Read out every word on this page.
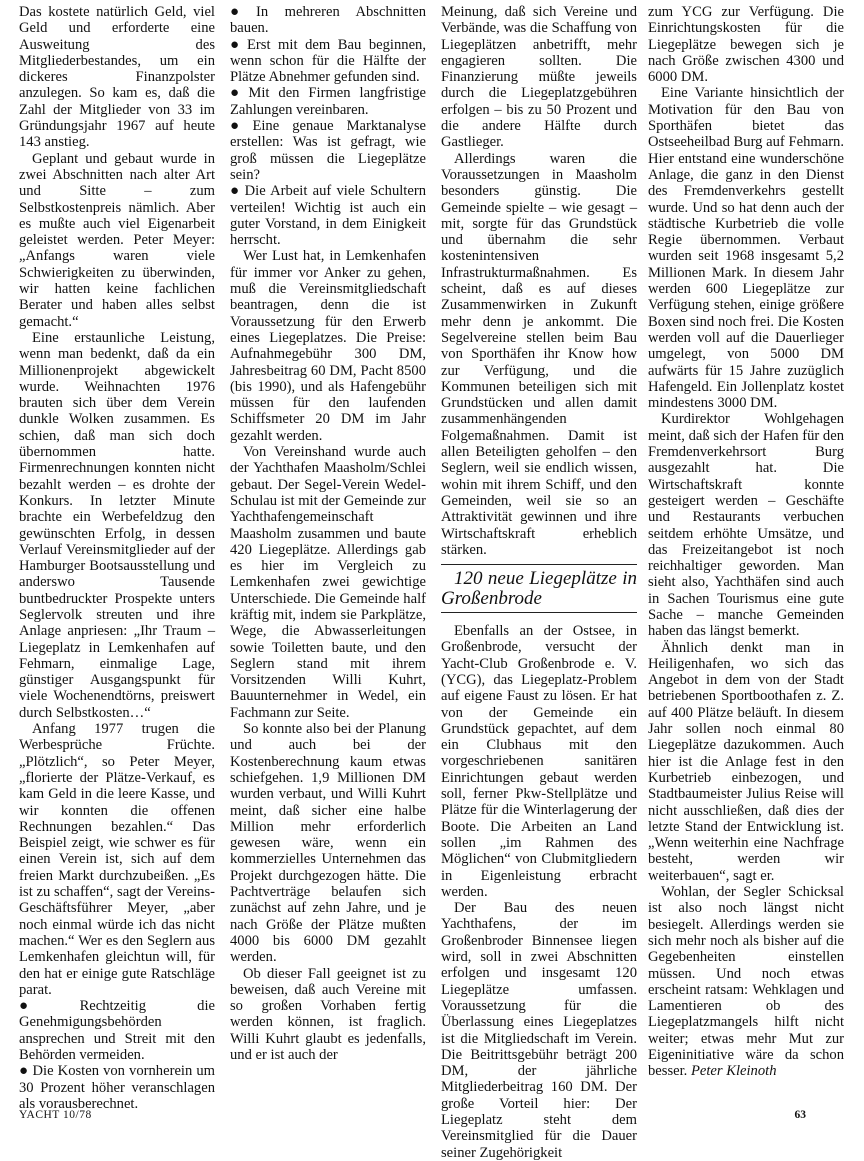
Das kostete natürlich Geld, viel Geld und erforderte eine Ausweitung des Mitgliederbestandes, um ein dickeres Finanzpolster anzulegen. So kam es, daß die Zahl der Mitglieder von 33 im Gründungsjahr 1967 auf heute 143 anstieg.

Geplant und gebaut wurde in zwei Abschnitten nach alter Art und Sitte – zum Selbstkostenpreis nämlich. Aber es mußte auch viel Eigenarbeit geleistet werden. Peter Meyer: „Anfangs waren viele Schwierigkeiten zu überwinden, wir hatten keine fachlichen Berater und haben alles selbst gemacht.“

Eine erstaunliche Leistung, wenn man bedenkt, daß da ein Millionenprojekt abgewickelt wurde. Weihnachten 1976 brauten sich über dem Verein dunkle Wolken zusammen. Es schien, daß man sich doch übernommen hatte. Firmenrechnungen konnten nicht bezahlt werden – es drohte der Konkurs. In letzter Minute brachte ein Werbefeldzug den gewünschten Erfolg, in dessen Verlauf Vereinsmitglieder auf der Hamburger Bootsausstellung und anderswo Tausende buntbedruckter Prospekte unters Seglervolk streuten und ihre Anlage anpriesen: „Ihr Traum – Liegeplatz in Lemkenhafen auf Fehmarn, einmalige Lage, günstiger Ausgangspunkt für viele Wochenendtörns, preiswert durch Selbstkosten…“

Anfang 1977 trugen die Werbesprüche Früchte. „Plötzlich“, so Peter Meyer, „florierte der Plätze-Verkauf, es kam Geld in die leere Kasse, und wir konnten die offenen Rechnungen bezahlen.“ Das Beispiel zeigt, wie schwer es für einen Verein ist, sich auf dem freien Markt durchzubeißen. „Es ist zu schaffen“, sagt der Vereins-Geschäftsführer Meyer, „aber noch einmal würde ich das nicht machen.“ Wer es den Seglern aus Lemkenhafen gleichtun will, für den hat er einige gute Ratschläge parat.

● Rechtzeitig die Genehmigungsbehörden ansprechen und Streit mit den Behörden vermeiden.

● Die Kosten von vornherein um 30 Prozent höher veranschlagen als vorausberechnet.

● In mehreren Abschnitten bauen.

● Erst mit dem Bau beginnen, wenn schon für die Hälfte der Plätze Abnehmer gefunden sind.

● Mit den Firmen langfristige Zahlungen vereinbaren.

● Eine genaue Marktanalyse erstellen: Was ist gefragt, wie groß müssen die Liegeplätze sein?

● Die Arbeit auf viele Schultern verteilen! Wichtig ist auch ein guter Vorstand, in dem Einigkeit herrscht.

Wer Lust hat, in Lemkenhafen für immer vor Anker zu gehen, muß die Vereinsmitgliedschaft beantragen, denn die ist Voraussetzung für den Erwerb eines Liegeplatzes. Die Preise: Aufnahmegebühr 300 DM, Jahresbeitrag 60 DM, Pacht 8500 (bis 1990), und als Hafengebühr müssen für den laufenden Schiffsmeter 20 DM im Jahr gezahlt werden.

Von Vereinshand wurde auch der Yachthafen Maasholm/Schlei gebaut. Der Segel-Verein Wedel-Schulau ist mit der Gemeinde zur Yachthafengemeinschaft Maasholm zusammen und baute 420 Liegeplätze. Allerdings gab es hier im Vergleich zu Lemkenhafen zwei gewichtige Unterschiede. Die Gemeinde half kräftig mit, indem sie Parkplätze, Wege, die Abwasserleitungen sowie Toiletten baute, und den Seglern stand mit ihrem Vorsitzenden Willi Kuhrt, Bauunternehmer in Wedel, ein Fachmann zur Seite.

So konnte also bei der Planung und auch bei der Kostenberechnung kaum etwas schiefgehen. 1,9 Millionen DM wurden verbaut, und Willi Kuhrt meint, daß sicher eine halbe Million mehr erforderlich gewesen wäre, wenn ein kommerzielles Unternehmen das Projekt durchgezogen hätte. Die Pachtverträge belaufen sich zunächst auf zehn Jahre, und je nach Größe der Plätze mußten 4000 bis 6000 DM gezahlt werden.

Ob dieser Fall geeignet ist zu beweisen, daß auch Vereine mit so großen Vorhaben fertig werden können, ist fraglich. Willi Kuhrt glaubt es jedenfalls, und er ist auch der

Meinung, daß sich Vereine und Verbände, was die Schaffung von Liegeplätzen anbetrifft, mehr engagieren sollten. Die Finanzierung müßte jeweils durch die Liegeplatzgebühren erfolgen – bis zu 50 Prozent und die andere Hälfte durch Gastlieger.

Allerdings waren die Voraussetzungen in Maasholm besonders günstig. Die Gemeinde spielte – wie gesagt – mit, sorgte für das Grundstück und übernahm die sehr kostenintensiven Infrastrukturmaßnahmen. Es scheint, daß es auf dieses Zusammenwirken in Zukunft mehr denn je ankommt. Die Segelvereine stellen beim Bau von Sporthäfen ihr Know how zur Verfügung, und die Kommunen beteiligen sich mit Grundstücken und allen damit zusammenhängenden Folgemaßnahmen. Damit ist allen Beteiligten geholfen – den Seglern, weil sie endlich wissen, wohin mit ihrem Schiff, und den Gemeinden, weil sie so an Attraktivität gewinnen und ihre Wirtschaftskraft erheblich stärken.

120 neue Liegeplätze in Großenbrode

Ebenfalls an der Ostsee, in Großenbrode, versucht der Yacht-Club Großenbrode e. V. (YCG), das Liegeplatz-Problem auf eigene Faust zu lösen. Er hat von der Gemeinde ein Grundstück gepachtet, auf dem ein Clubhaus mit den vorgeschriebenen sanitären Einrichtungen gebaut werden soll, ferner Pkw-Stellplätze und Plätze für die Winterlagerung der Boote. Die Arbeiten an Land sollen „im Rahmen des Möglichen“ von Clubmitgliedern in Eigenleistung erbracht werden.

Der Bau des neuen Yachthafens, der im Großenbroder Binnensee liegen wird, soll in zwei Abschnitten erfolgen und insgesamt 120 Liegeplätze umfassen. Voraussetzung für die Überlassung eines Liegeplatzes ist die Mitgliedschaft im Verein. Die Beitrittsgebühr beträgt 200 DM, der jährliche Mitgliederbeitrag 160 DM. Der große Vorteil hier: Der Liegeplatz steht dem Vereinsmitglied für die Dauer seiner Zugehörigkeit

zum YCG zur Verfügung. Die Einrichtungskosten für die Liegeplätze bewegen sich je nach Größe zwischen 4300 und 6000 DM.

Eine Variante hinsichtlich der Motivation für den Bau von Sporthäfen bietet das Ostseeheilbad Burg auf Fehmarn. Hier entstand eine wunderschöne Anlage, die ganz in den Dienst des Fremdenverkehrs gestellt wurde. Und so hat denn auch der städtische Kurbetrieb die volle Regie übernommen. Verbaut wurden seit 1968 insgesamt 5,2 Millionen Mark. In diesem Jahr werden 600 Liegeplätze zur Verfügung stehen, einige größere Boxen sind noch frei. Die Kosten werden voll auf die Dauerlieger umgelegt, von 5000 DM aufwärts für 15 Jahre zuzüglich Hafengeld. Ein Jollenplatz kostet mindestens 3000 DM.

Kurdirektor Wohlgehagen meint, daß sich der Hafen für den Fremdenverkehrsort Burg ausgezahlt hat. Die Wirtschaftskraft konnte gesteigert werden – Geschäfte und Restaurants verbuchen seitdem erhöhte Umsätze, und das Freizeitangebot ist noch reichhaltiger geworden. Man sieht also, Yachthäfen sind auch in Sachen Tourismus eine gute Sache – manche Gemeinden haben das längst bemerkt.

Ähnlich denkt man in Heiligenhafen, wo sich das Angebot in dem von der Stadt betriebenen Sportboothafen z. Z. auf 400 Plätze beläuft. In diesem Jahr sollen noch einmal 80 Liegeplätze dazukommen. Auch hier ist die Anlage fest in den Kurbetrieb einbezogen, und Stadtbaumeister Julius Reise will nicht ausschließen, daß dies der letzte Stand der Entwicklung ist. „Wenn weiterhin eine Nachfrage besteht, werden wir weiterbauen“, sagt er.

Wohlan, der Segler Schicksal ist also noch längst nicht besiegelt. Allerdings werden sie sich mehr noch als bisher auf die Gegebenheiten einstellen müssen. Und noch etwas erscheint ratsam: Wehklagen und Lamentieren ob des Liegeplatzmangels hilft nicht weiter; etwas mehr Mut zur Eigeninitiative wäre da schon besser. Peter Kleinoth

YACHT 10/78	63
